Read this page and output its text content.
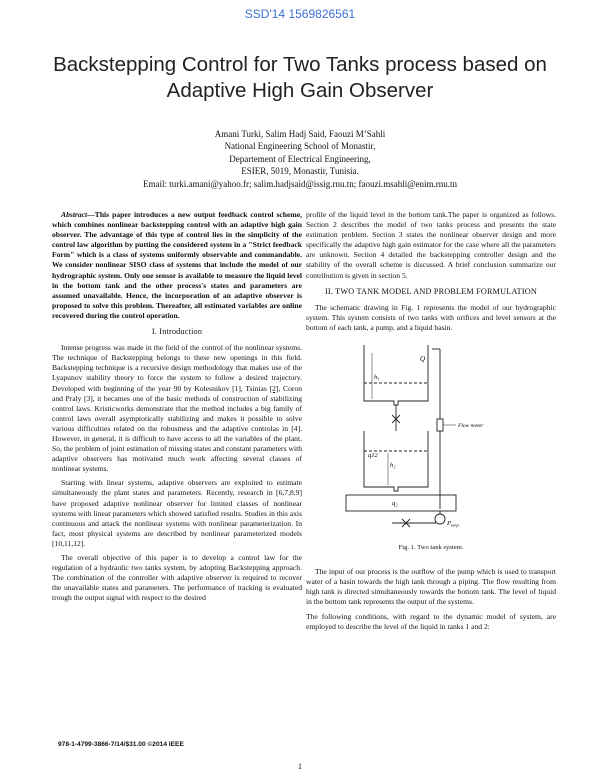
SSD'14 1569826561
Backstepping Control for Two Tanks process based on Adaptive High Gain Observer
Amani Turki, Salim Hadj Said, Faouzi M’Sahli
National Engineering School of Monastir,
Departement of Electrical Engineering,
ESIER, 5019, Monastir, Tunisia.
Email: turki.amani@yahoo.fr; salim.hadjsaid@issig.rnu.tn; faouzi.msahli@enim.rnu.tn

Abstract—This paper introduces a new output feedback control scheme, which combines nonlinear backstepping control with an adaptive high gain observer. The advantage of this type of control lies in the simplicity of the control law algorithm by putting the considered system in a "Strict feedback Form" which is a class of systems uniformly observable and commandable. We consider nonlinear SISO class of systems that include the model of our hydrographic system. Only one sensor is available to measure the liquid level in the bottom tank and the other process's states and parameters are assumed unavailable. Hence, the incorporation of an adaptive observer is proposed to solve this problem. Thereafter, all estimated variables are online recovered during the control operation.

I. Introduction

Intense progress was made in the field of the control of the nonlinear systems. The technique of Backstepping belongs to these new openings in this field. Backstepping technique is a recursive design methodology that makes use of the Lyapunov stability theory to force the system to follow a desired trajectory. Developed with beginning of the year 90 by Kolesnikov [1], Tsinias [2], Coron and Praly [3], it becames one of the basic methods of construction of stabilizing control laws. Kristicworks demonstrate that the method includes a big family of control laws overall asymptotically stabilizing and makes it possible to solve various difficulties related on the robustness and the adaptive controlas in [4]. However, in general, it is difficult to have access to all the variables of the plant. So, the problem of joint estimation of missing states and constant parameters with adaptive observers has motivated much work affecting several classes of nonlinear systems.

Starting with linear systems, adaptive observers are exploited to estimate simultaneously the plant states and parameters. Recently, research in [6,7,8,9] have proposed adaptive nonlinear observer for limited classes of nonlinear systems with linear parameters which showed satisfied results. Studies in this axis continuous and attack the nonlinear systems with nonlinear parameterization. In fact, most physical systems are described by nonlinear parameterized models [10,11,12].

The overall objective of this paper is to develop a control law for the regulation of a hydraulic two tanks system, by adopting Backstepping approach. The combination of the controller with adaptive observer is required to recover the unavailable states and parameters. The performance of tracking is evaluated trough the output signal with respect to the desired

profile of the liquid level in the bottom tank.The paper is organized as follows. Section 2 describes the model of two tanks process and presents the state estimation problem. Section 3 states the nonlinear observer design and more specifically the adaptive high gain estimator for the case where all the parameters are unknown. Section 4 detailed the backstepping controller design and the stability of the overall scheme is discussed. A brief conclusion summarize our contribution is given in section 5.

II. TWO TANK MODEL AND PROBLEM FORMULATION

The schematic drawing in Fig. 1 represents the model of our hydrographic system. This system consists of two tanks with orifices and level sensors at the bottom of each tank, a pump, and a liquid basin.

Q
h₁
q12
h₂
q₂
Flow meter
$P_{ump}$
Fig. 1. Two tank system.

The input of our process is the outflow of the pump which is used to transport water of a basin towards the high tank through a piping. The flow resulting from high tank is directed simultaneously towards the bottom tank. The level of liquid in the bottom tank represents the output of the systems.

The following conditions, with regard to the dynamic model of system, are employed to describe the level of the liquid in tanks 1 and 2:

978-1-4799-3866-7/14/$31.00 ©2014 IEEE
1
